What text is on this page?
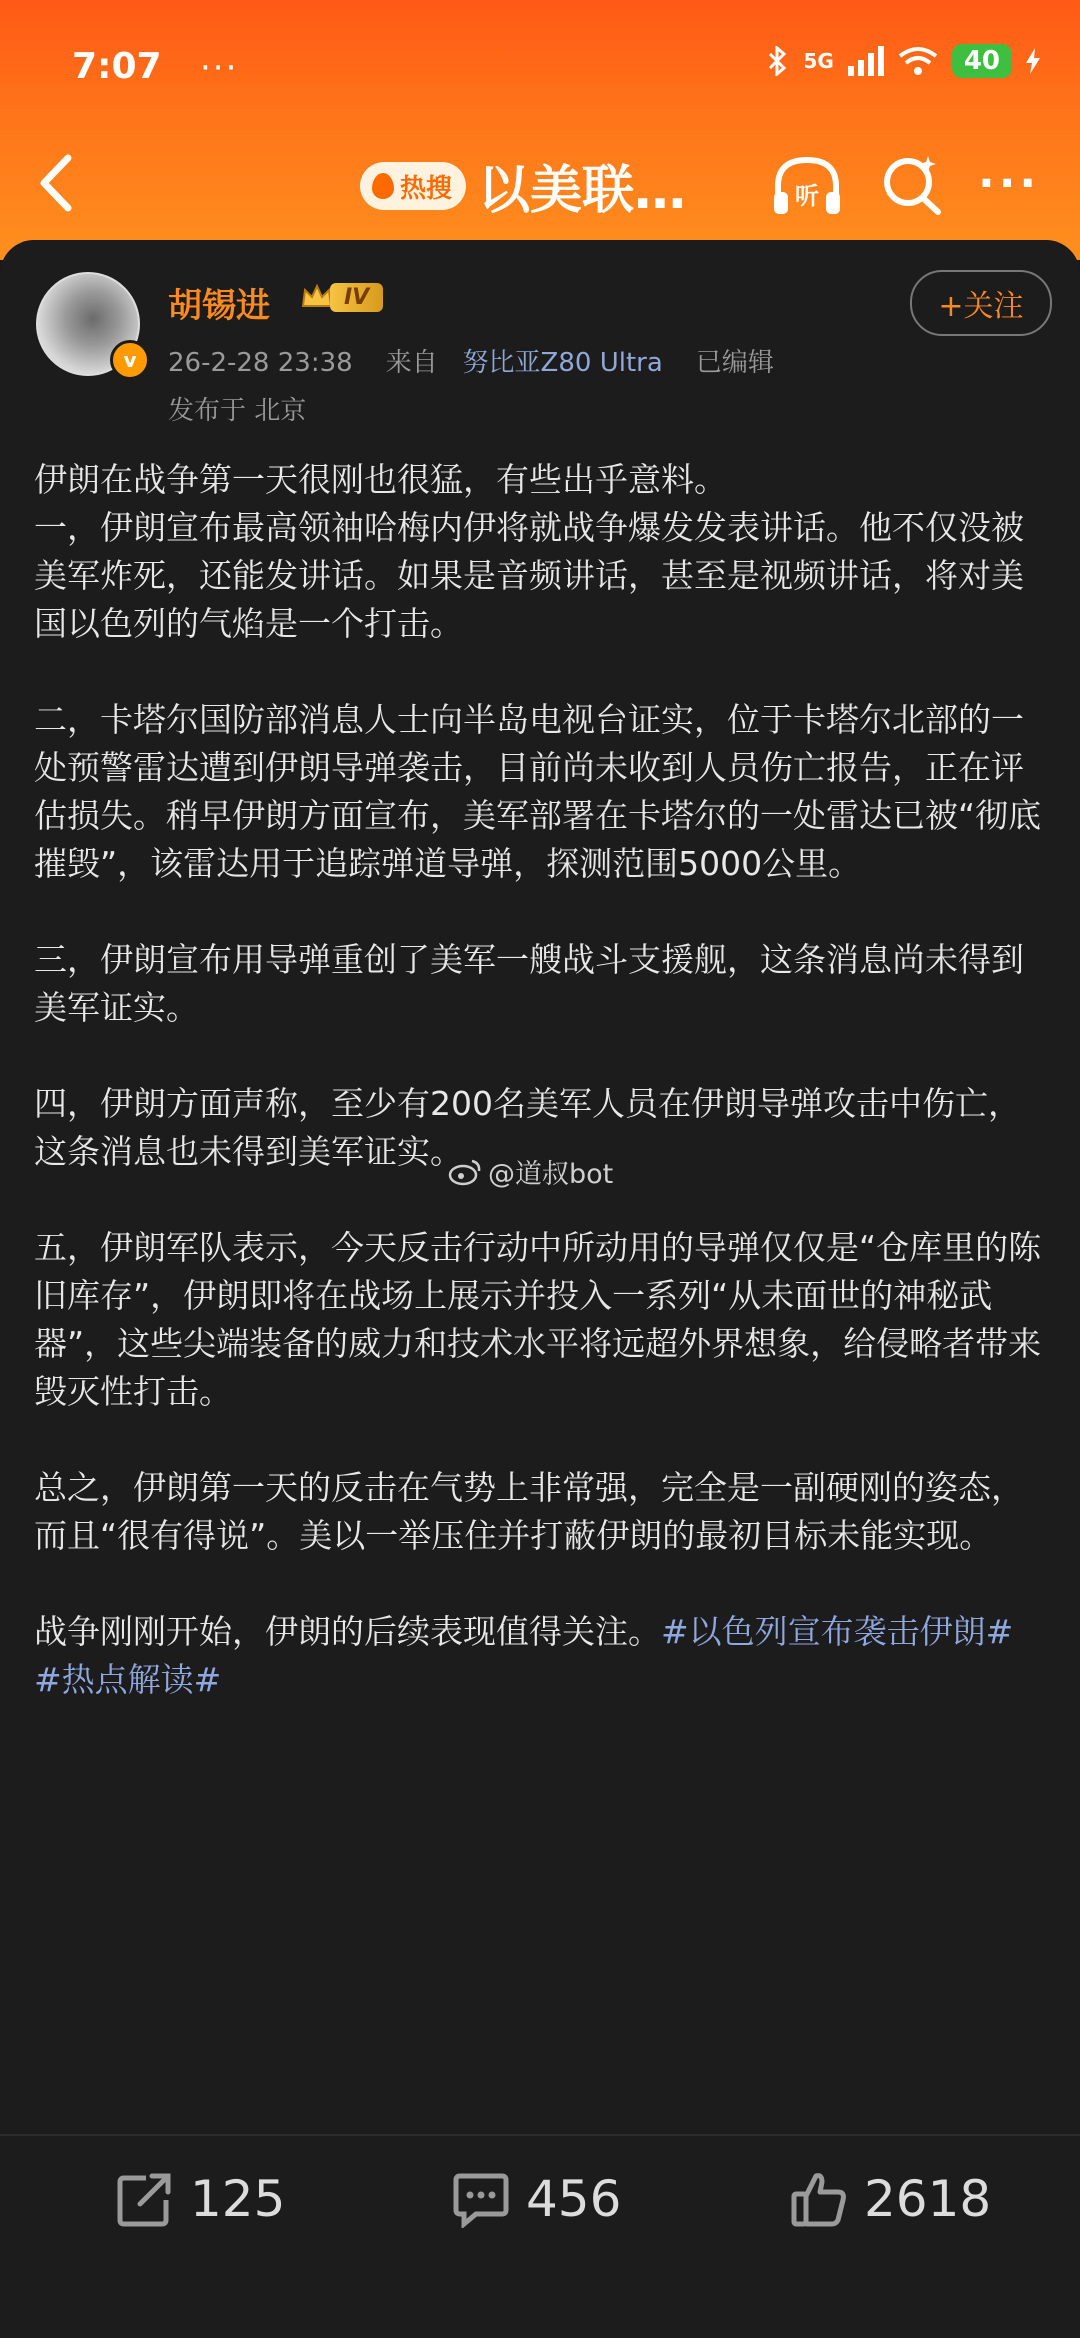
7:07 ···	5G	40
热搜 以美联…	听	···
v
胡锡进	IV	+关注
26-2-28 23:38 来自 努比亚Z80 Ultra 已编辑
发布于 北京

伊朗在战争第一天很刚也很猛，有些出乎意料。

一，伊朗宣布最高领袖哈梅内伊将就战争爆发发表讲话。他不仅没被美军炸死，还能发讲话。如果是音频讲话，甚至是视频讲话，将对美国以色列的气焰是一个打击。

二，卡塔尔国防部消息人士向半岛电视台证实，位于卡塔尔北部的一处预警雷达遭到伊朗导弹袭击，目前尚未收到人员伤亡报告，正在评估损失。稍早伊朗方面宣布，美军部署在卡塔尔的一处雷达已被“彻底摧毁”，该雷达用于追踪弹道导弹，探测范围5000公里。

三，伊朗宣布用导弹重创了美军一艘战斗支援舰，这条消息尚未得到美军证实。

四，伊朗方面声称，至少有200名美军人员在伊朗导弹攻击中伤亡，这条消息也未得到美军证实。

五，伊朗军队表示，今天反击行动中所动用的导弹仅仅是“仓库里的陈旧库存”，伊朗即将在战场上展示并投入一系列“从未面世的神秘武器”，这些尖端装备的威力和技术水平将远超外界想象，给侵略者带来毁灭性打击。

总之，伊朗第一天的反击在气势上非常强，完全是一副硬刚的姿态，而且“很有得说”。美以一举压住并打蔽伊朗的最初目标未能实现。

战争刚刚开始，伊朗的后续表现值得关注。#以色列宣布袭击伊朗# #热点解读#

@道叔bot
125	456	2618
